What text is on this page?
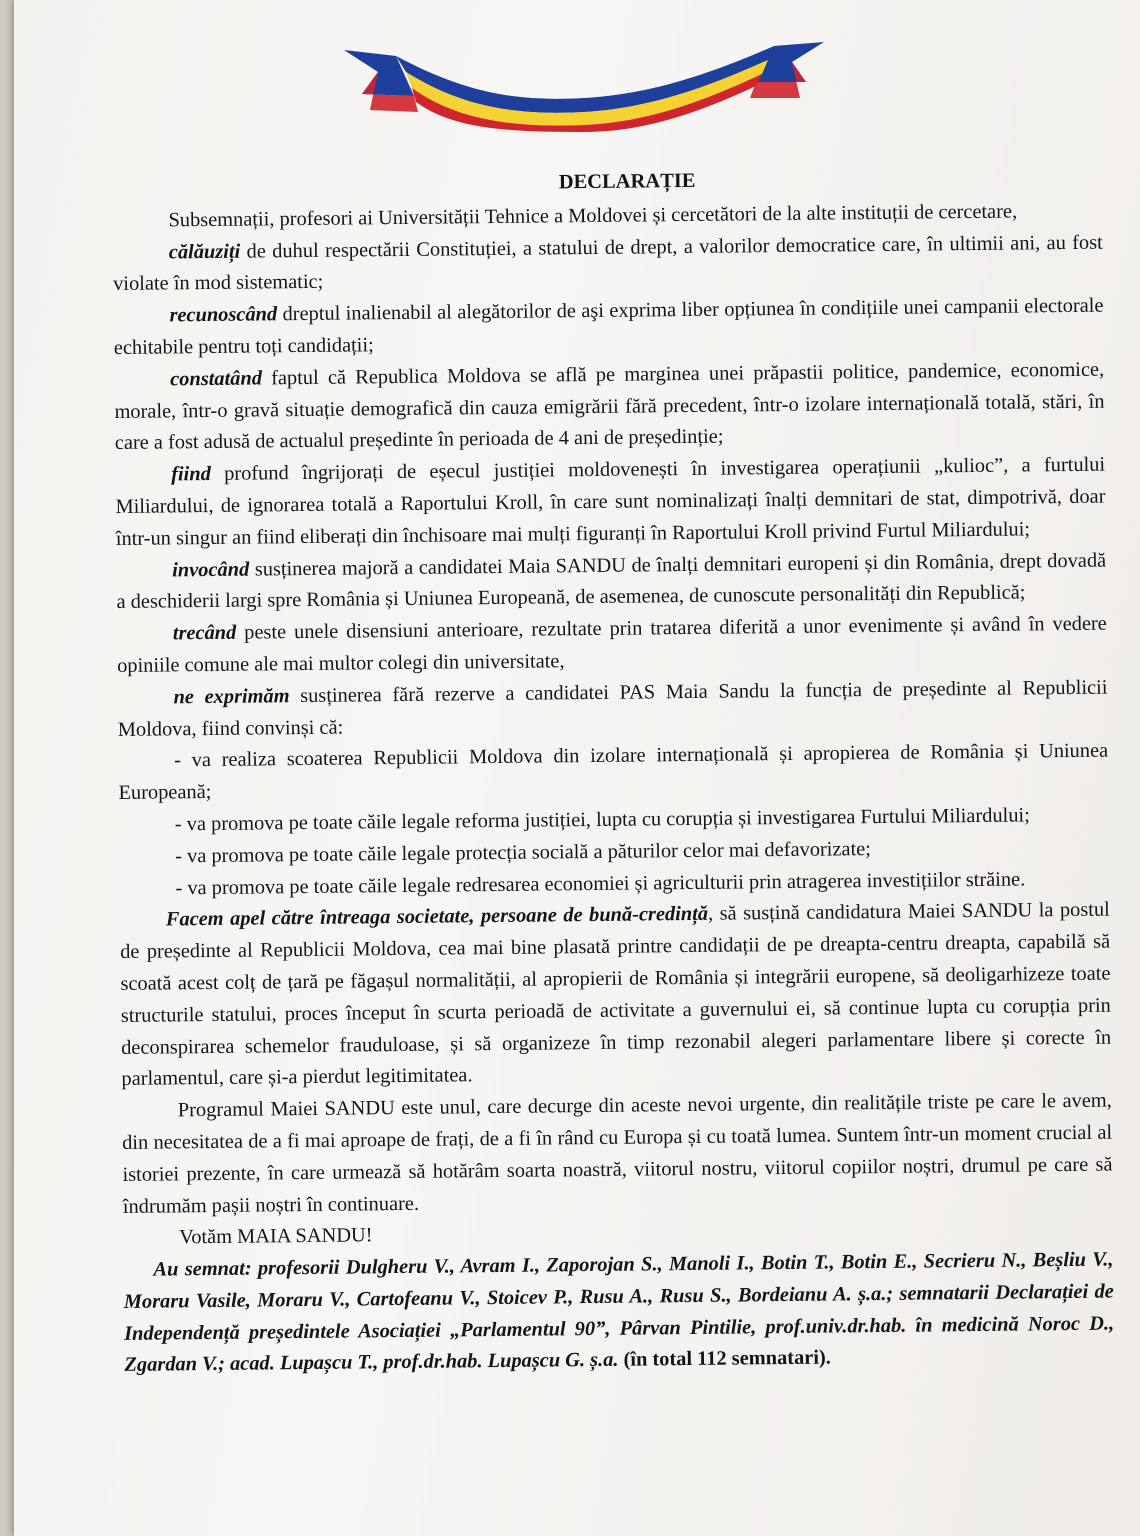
DECLARAȚIE

Subsemnații, profesori ai Universității Tehnice a Moldovei și cercetători de la alte instituții de cercetare,

călăuziți de duhul respectării Constituției, a statului de drept, a valorilor democratice care, în ultimii ani, au fost violate în mod sistematic;

recunoscând dreptul inalienabil al alegătorilor de aşi exprima liber opțiunea în condițiile unei campanii electorale echitabile pentru toți candidații;

constatând faptul că Republica Moldova se află pe marginea unei prăpastii politice, pandemice, economice, morale, într-o gravă situație demografică din cauza emigrării fără precedent, într-o izolare internațională totală, stări, în care a fost adusă de actualul președinte în perioada de 4 ani de președinție;

fiind profund îngrijorați de eșecul justiției moldovenești în investigarea operațiunii „kulioc”, a furtului Miliardului, de ignorarea totală a Raportului Kroll, în care sunt nominalizați înalți demnitari de stat, dimpotrivă, doar într-un singur an fiind eliberați din închisoare mai mulți figuranți în Raportului Kroll privind Furtul Miliardului;

invocând susținerea majoră a candidatei Maia SANDU de înalți demnitari europeni și din România, drept dovadă a deschiderii largi spre România și Uniunea Europeană, de asemenea, de cunoscute personalități din Republică;

trecând peste unele disensiuni anterioare, rezultate prin tratarea diferită a unor evenimente și având în vedere opiniile comune ale mai multor colegi din universitate,

ne exprimăm susținerea fără rezerve a candidatei PAS Maia Sandu la funcția de președinte al Republicii Moldova, fiind convinși că:

- va realiza scoaterea Republicii Moldova din izolare internațională și apropierea de România și Uniunea Europeană;

- va promova pe toate căile legale reforma justiției, lupta cu corupția și investigarea Furtului Miliardului;

- va promova pe toate căile legale protecția socială a păturilor celor mai defavorizate;

- va promova pe toate căile legale redresarea economiei și agriculturii prin atragerea investițiilor străine.

Facem apel către întreaga societate, persoane de bună-credință, să susțină candidatura Maiei SANDU la postul de președinte al Republicii Moldova, cea mai bine plasată printre candidații de pe dreapta-centru dreapta, capabilă să scoată acest colț de țară pe făgașul normalității, al apropierii de România și integrării europene, să deoligarhizeze toate structurile statului, proces început în scurta perioadă de activitate a guvernului ei, să continue lupta cu corupția prin deconspirarea schemelor frauduloase, și să organizeze în timp rezonabil alegeri parlamentare libere și corecte în parlamentul, care și-a pierdut legitimitatea.

Programul Maiei SANDU este unul, care decurge din aceste nevoi urgente, din realitățile triste pe care le avem, din necesitatea de a fi mai aproape de frați, de a fi în rând cu Europa și cu toată lumea. Suntem într-un moment crucial al istoriei prezente, în care urmează să hotărâm soarta noastră, viitorul nostru, viitorul copiilor noștri, drumul pe care să îndrumăm pașii noștri în continuare.

Votăm MAIA SANDU!

Au semnat: profesorii Dulgheru V., Avram I., Zaporojan S., Manoli I., Botin T., Botin E., Secrieru N., Beșliu V., Moraru Vasile, Moraru V., Cartofeanu V., Stoicev P., Rusu A., Rusu S., Bordeianu A. ș.a.; semnatarii Declarației de Independență președintele Asociației „Parlamentul 90”, Pârvan Pintilie, prof.univ.dr.hab. în medicină Noroc D., Zgardan V.; acad. Lupașcu T., prof.dr.hab. Lupașcu G. ș.a. (în total 112 semnatari).
